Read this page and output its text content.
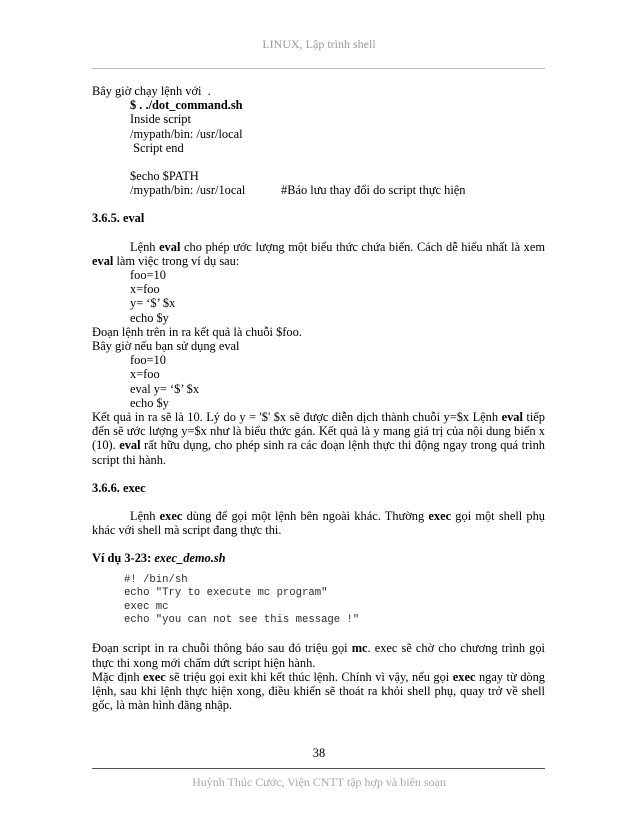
LINUX, Lập trình shell
Bây giờ chạy lệnh với  .
$ . ./dot_command.sh
Inside script
/mypath/bin: /usr/local
Script end
$echo $PATH
/mypath/bin: /usr/1ocal	#Báo lưu thay đổi do script thực hiện
3.6.5. eval
Lệnh eval cho phép ước lượng một biểu thức chứa biến. Cách dễ hiểu nhất là xem eval làm việc trong ví dụ sau:
foo=10
x=foo
y= ‘$’ $x
echo $y
Đoạn lệnh trên in ra kết quả là chuỗi $foo.
Bây giờ nếu bạn sử dụng eval
foo=10
x=foo
eval y= ‘$’ $x
echo $y
Kết quả in ra sẽ là 10. Lý do y = '$' $x sẽ được diễn dịch thành chuỗi y=$x Lệnh eval tiếp đến sẽ ước lượng y=$x như là biểu thức gán. Kết quả là y mang giá trị của nội dung biến x (10). eval rất hữu dụng, cho phép sinh ra các đoạn lệnh thực thi động ngay trong quá trình script thi hành.
3.6.6. exec
Lệnh exec dùng để gọi một lệnh bên ngoài khác. Thường exec gọi một shell phụ khác với shell mà script đang thực thi.
Ví dụ 3-23: exec_demo.sh
#! /bin/sh
echo "Try to execute mc program"
exec mc
echo "you can not see this message !"
Đoạn script in ra chuỗi thông báo sau đó triệu gọi mc. exec sẽ chờ cho chương trình gọi thực thi xong mới chấm dứt script hiện hành.
Mặc định exec sẽ triệu gọi exit khi kết thúc lệnh. Chính vì vậy, nếu gọi exec ngay từ dòng lệnh, sau khi lệnh thực hiện xong, điều khiển sẽ thoát ra khỏi shell phụ, quay trở về shell gốc, là màn hình đăng nhập.
38
Huỳnh Thúc Cước, Viện CNTT tập hợp và biên soạn
